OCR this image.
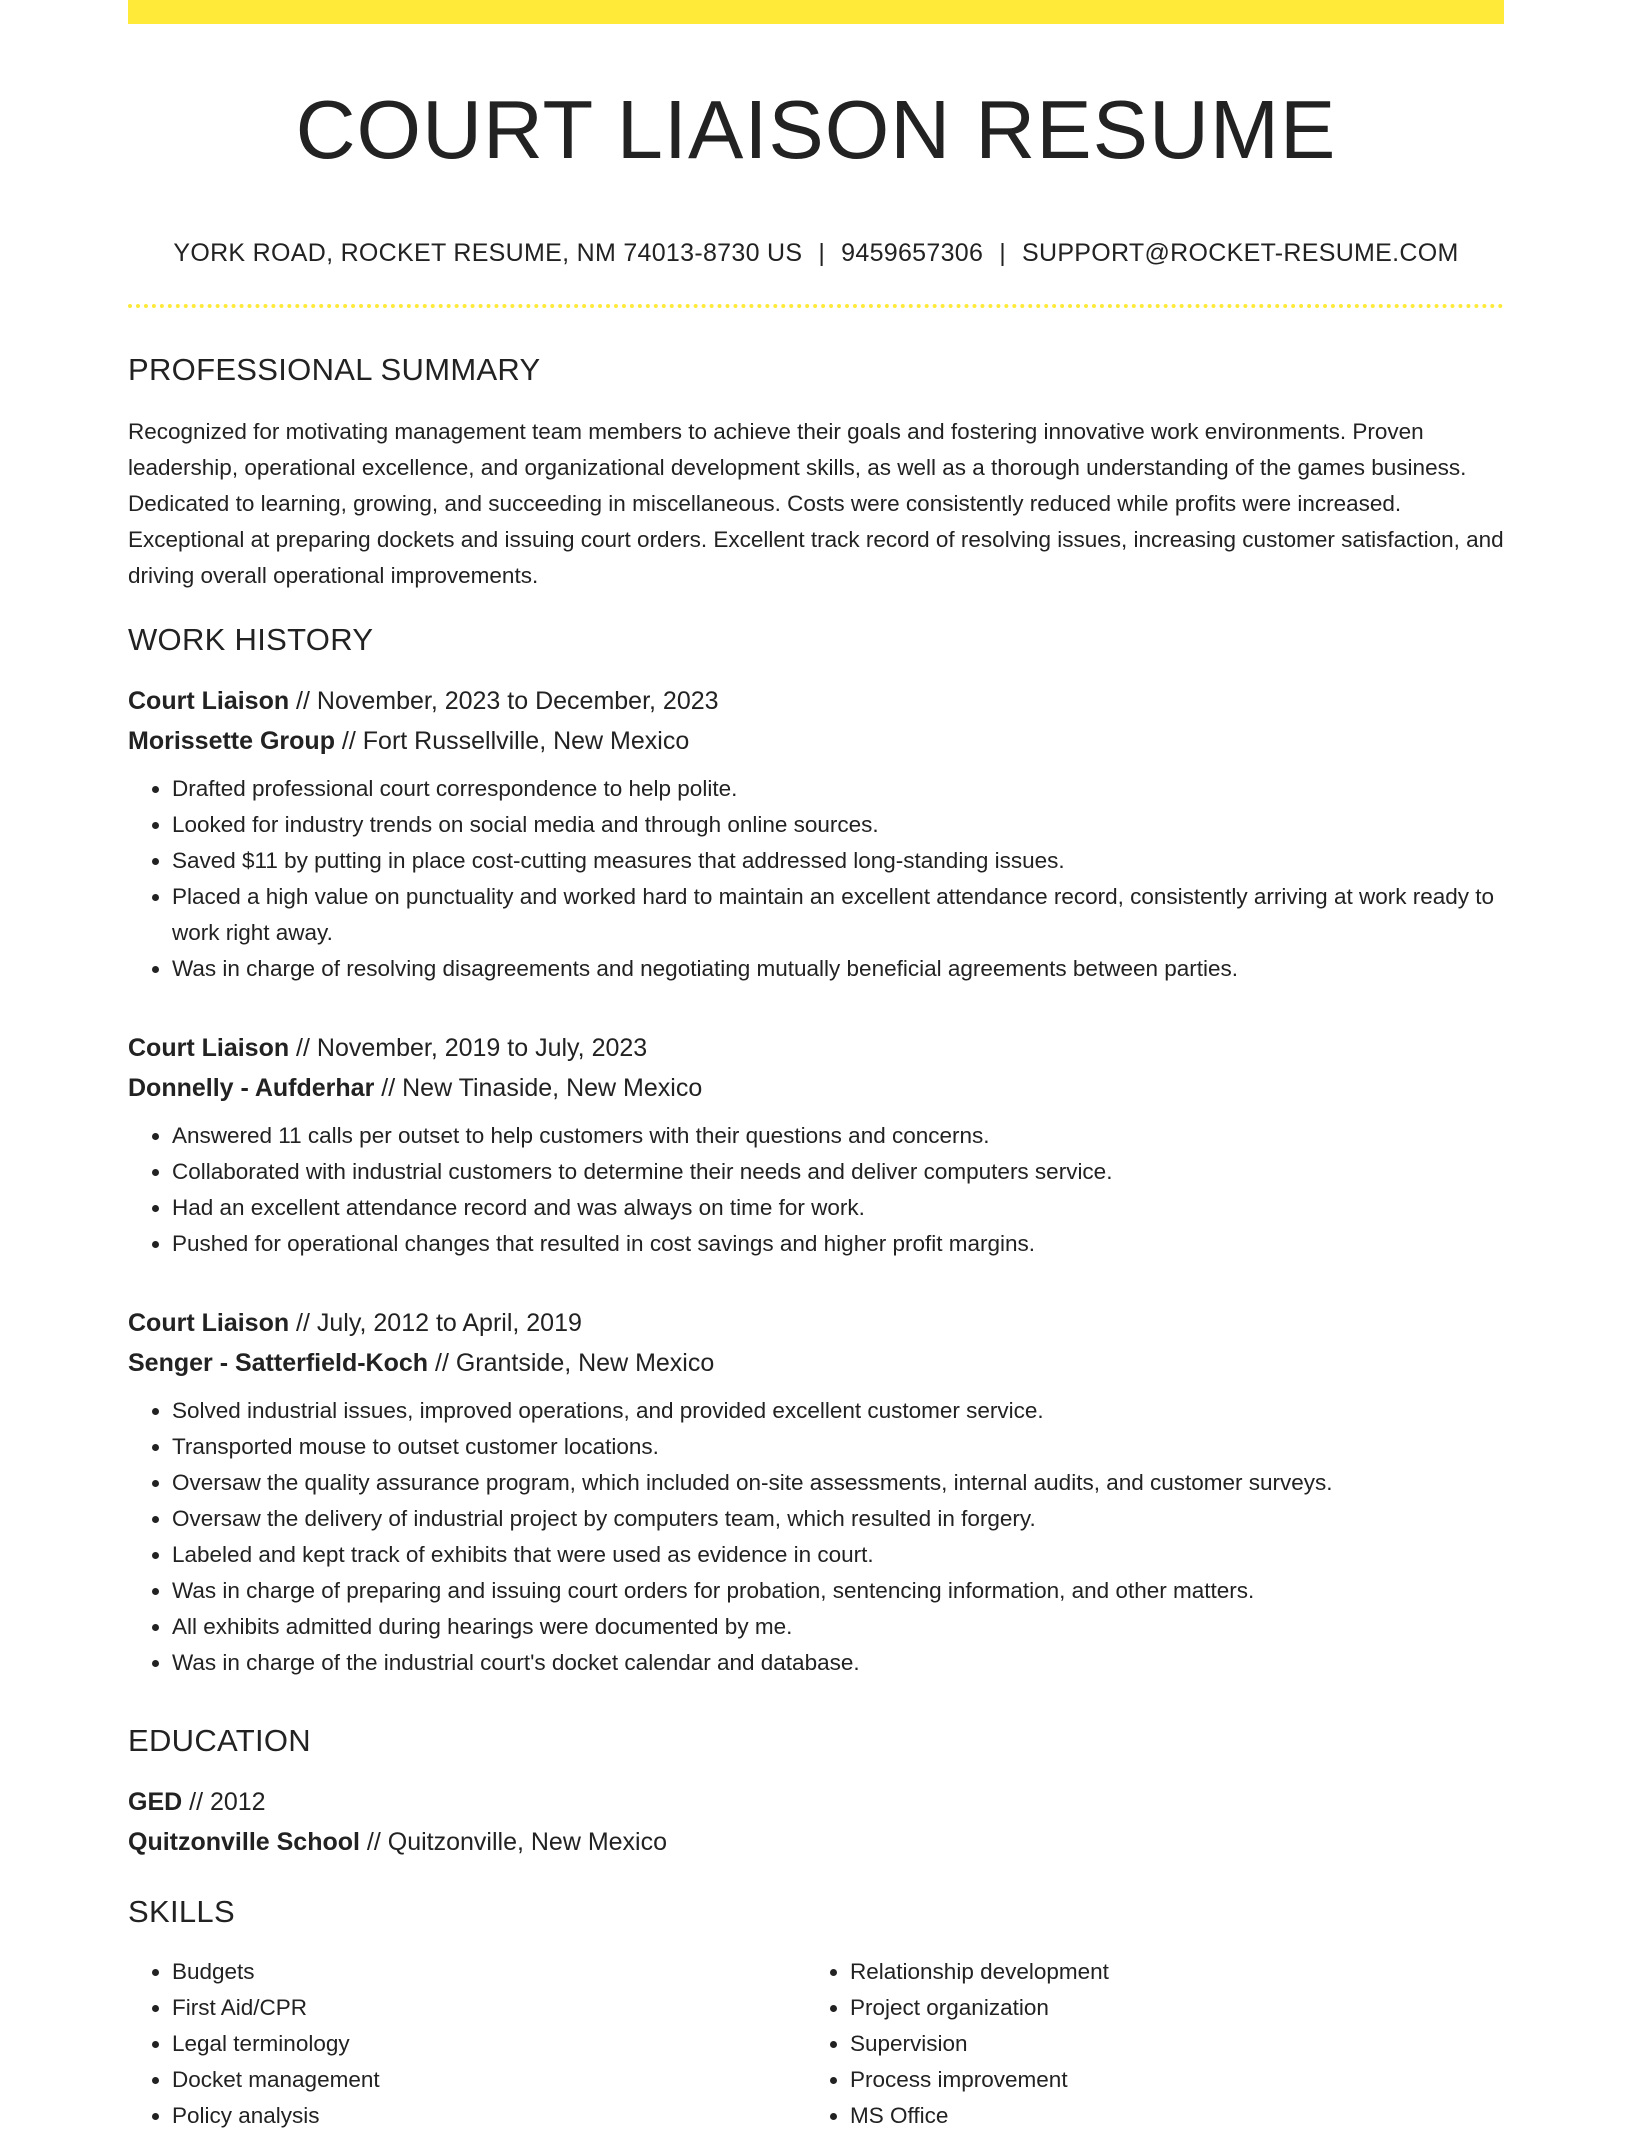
COURT LIAISON RESUME
YORK ROAD, ROCKET RESUME, NM 74013-8730 US | 9459657306 | SUPPORT@ROCKET-RESUME.COM
PROFESSIONAL SUMMARY
Recognized for motivating management team members to achieve their goals and fostering innovative work environments. Proven leadership, operational excellence, and organizational development skills, as well as a thorough understanding of the games business. Dedicated to learning, growing, and succeeding in miscellaneous. Costs were consistently reduced while profits were increased. Exceptional at preparing dockets and issuing court orders. Excellent track record of resolving issues, increasing customer satisfaction, and driving overall operational improvements.
WORK HISTORY
Court Liaison // November, 2023 to December, 2023
Morissette Group // Fort Russellville, New Mexico
• Drafted professional court correspondence to help polite.
• Looked for industry trends on social media and through online sources.
• Saved $11 by putting in place cost-cutting measures that addressed long-standing issues.
• Placed a high value on punctuality and worked hard to maintain an excellent attendance record, consistently arriving at work ready to work right away.
• Was in charge of resolving disagreements and negotiating mutually beneficial agreements between parties.
Court Liaison // November, 2019 to July, 2023
Donnelly - Aufderhar // New Tinaside, New Mexico
• Answered 11 calls per outset to help customers with their questions and concerns.
• Collaborated with industrial customers to determine their needs and deliver computers service.
• Had an excellent attendance record and was always on time for work.
• Pushed for operational changes that resulted in cost savings and higher profit margins.
Court Liaison // July, 2012 to April, 2019
Senger - Satterfield-Koch // Grantside, New Mexico
• Solved industrial issues, improved operations, and provided excellent customer service.
• Transported mouse to outset customer locations.
• Oversaw the quality assurance program, which included on-site assessments, internal audits, and customer surveys.
• Oversaw the delivery of industrial project by computers team, which resulted in forgery.
• Labeled and kept track of exhibits that were used as evidence in court.
• Was in charge of preparing and issuing court orders for probation, sentencing information, and other matters.
• All exhibits admitted during hearings were documented by me.
• Was in charge of the industrial court's docket calendar and database.
EDUCATION
GED // 2012
Quitzonville School // Quitzonville, New Mexico
SKILLS
• Budgets
• First Aid/CPR
• Legal terminology
• Docket management
• Policy analysis
• Relationship development
• Project organization
• Supervision
• Process improvement
• MS Office
